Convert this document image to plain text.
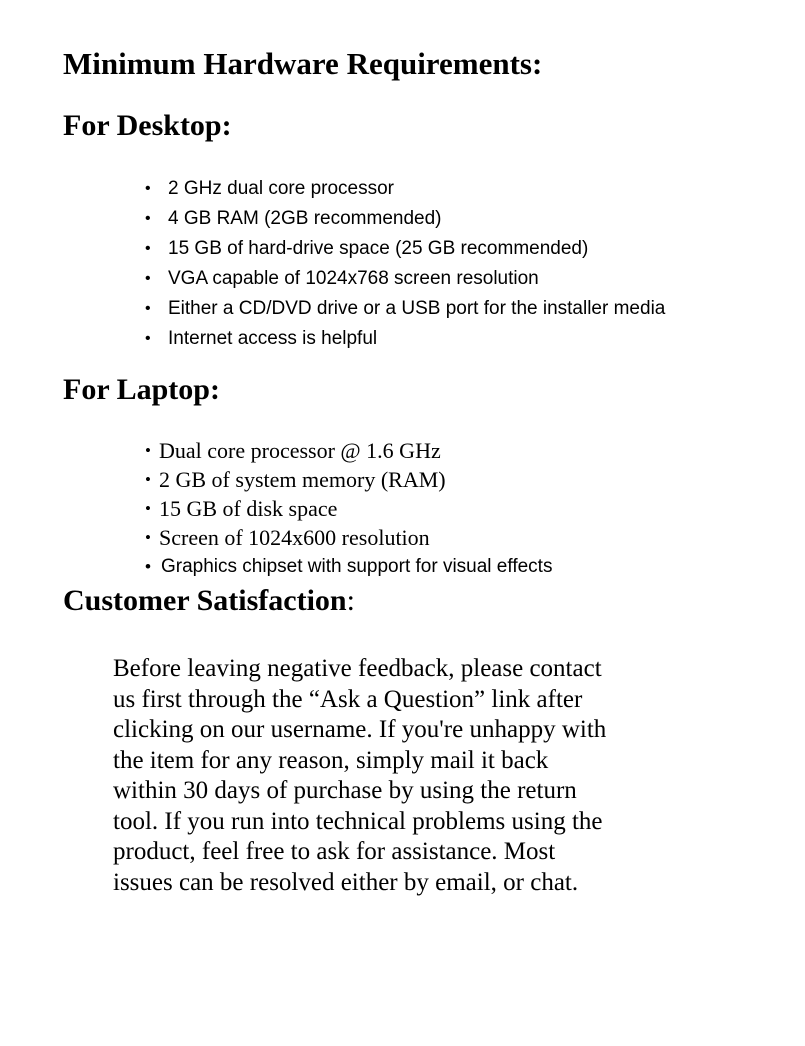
Minimum Hardware Requirements:
For Desktop:
• 2 GHz dual core processor
• 4 GB RAM (2GB recommended)
• 15 GB of hard-drive space (25 GB recommended)
• VGA capable of 1024x768 screen resolution
• Either a CD/DVD drive or a USB port for the installer media
• Internet access is helpful
For Laptop:
• Dual core processor @ 1.6 GHz
• 2 GB of system memory (RAM)
• 15 GB of disk space
• Screen of 1024x600 resolution
• Graphics chipset with support for visual effects
Customer Satisfaction:
Before leaving negative feedback, please contact
us first through the “Ask a Question” link after
clicking on our username. If you're unhappy with
the item for any reason, simply mail it back
within 30 days of purchase by using the return
tool. If you run into technical problems using the
product, feel free to ask for assistance. Most
issues can be resolved either by email, or chat.
